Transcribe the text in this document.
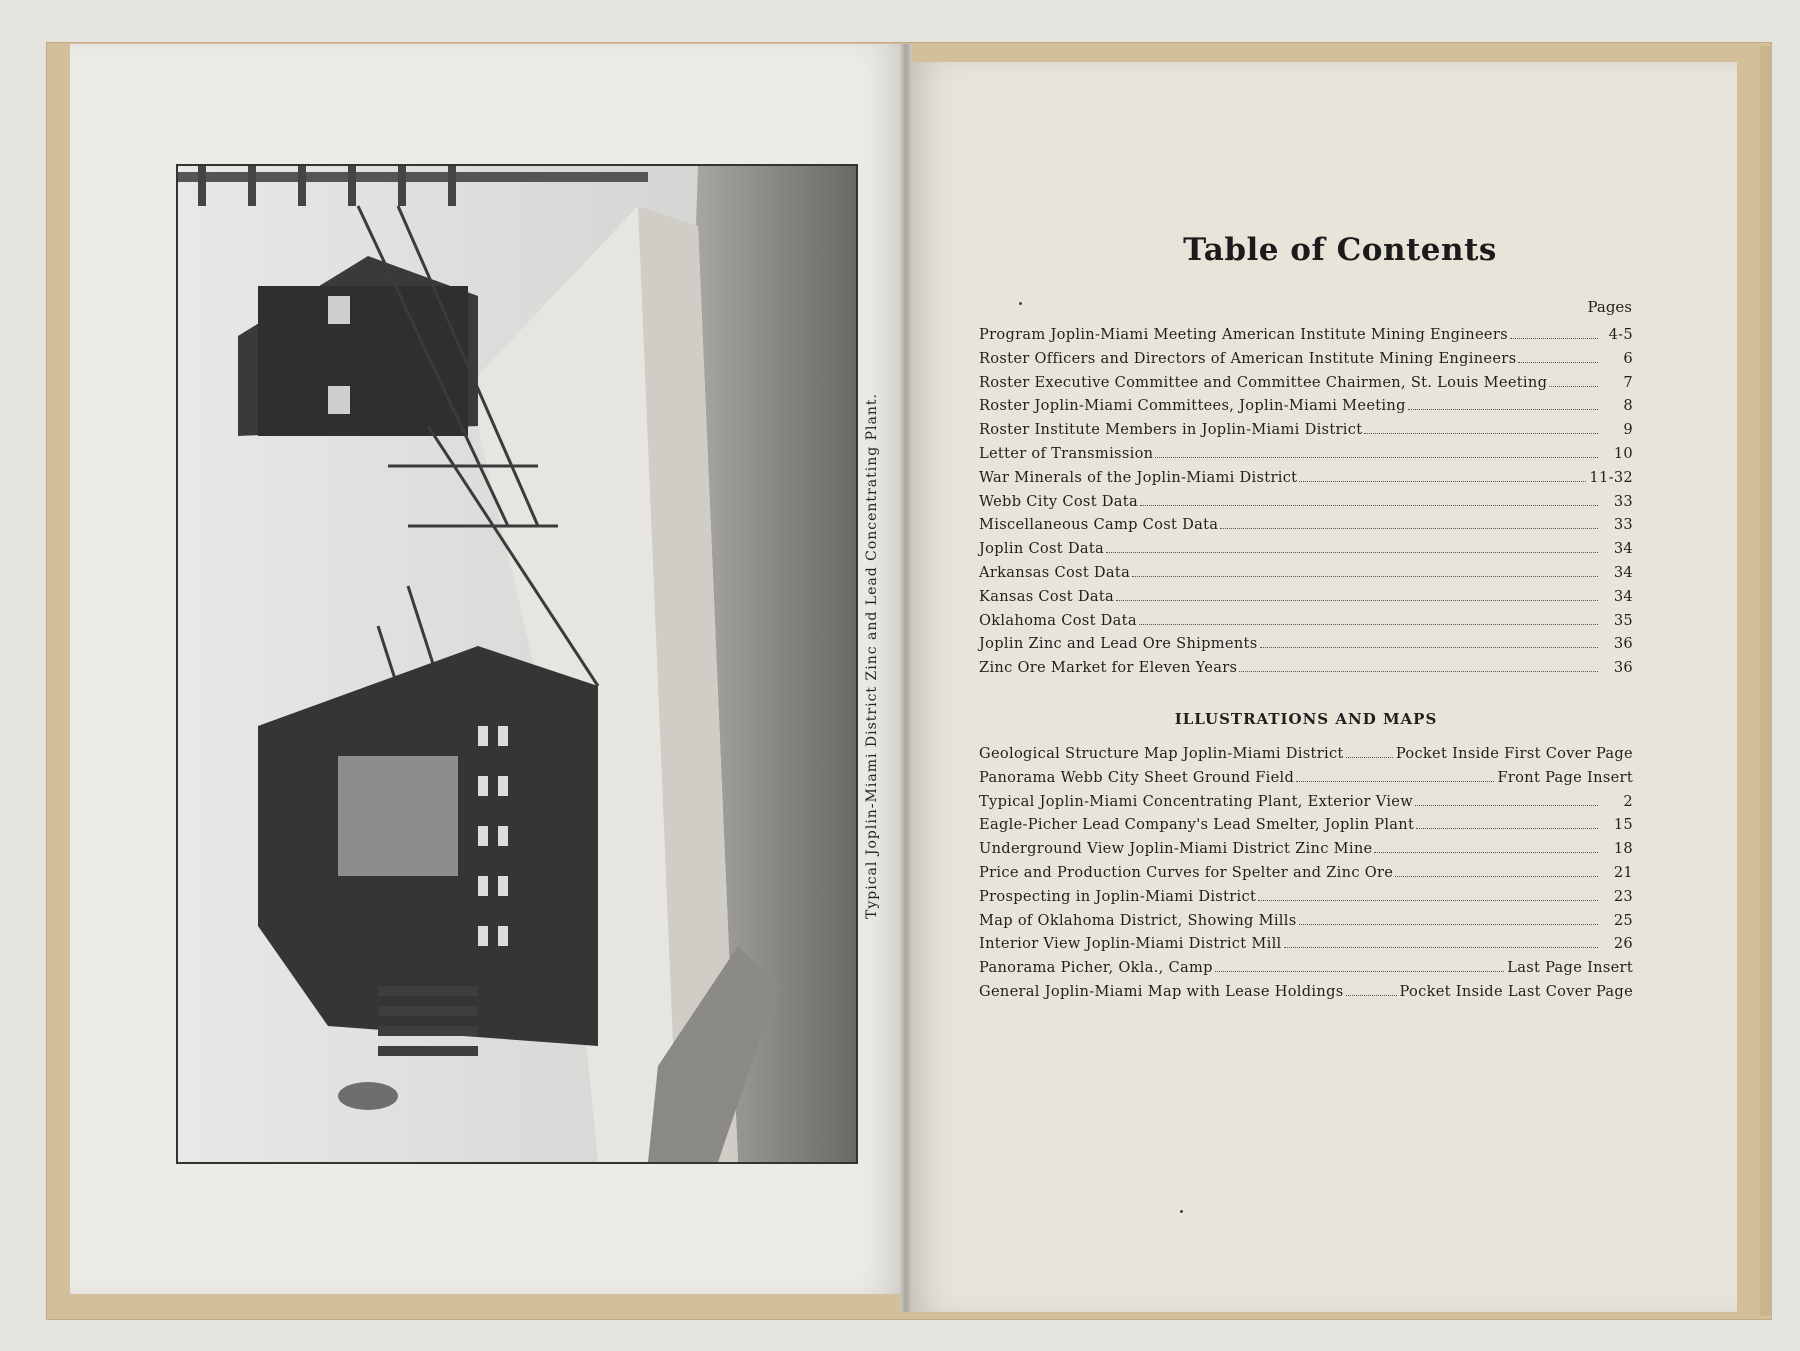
Typical Joplin-Miami District Zinc and Lead Concentrating Plant.
Table of Contents
Pages
Program Joplin-Miami Meeting American Institute Mining Engineers	4-5
Roster Officers and Directors of American Institute Mining Engineers	6
Roster Executive Committee and Committee Chairmen, St. Louis Meeting	7
Roster Joplin-Miami Committees, Joplin-Miami Meeting	8
Roster Institute Members in Joplin-Miami District	9
Letter of Transmission	10
War Minerals of the Joplin-Miami District	11-32
Webb City Cost Data	33
Miscellaneous Camp Cost Data	33
Joplin Cost Data	34
Arkansas Cost Data	34
Kansas Cost Data	34
Oklahoma Cost Data	35
Joplin Zinc and Lead Ore Shipments	36
Zinc Ore Market for Eleven Years	36
ILLUSTRATIONS AND MAPS
Geological Structure Map Joplin-Miami District	Pocket Inside First Cover Page
Panorama Webb City Sheet Ground Field	Front Page Insert
Typical Joplin-Miami Concentrating Plant, Exterior View	2
Eagle-Picher Lead Company's Lead Smelter, Joplin Plant	15
Underground View Joplin-Miami District Zinc Mine	18
Price and Production Curves for Spelter and Zinc Ore	21
Prospecting in Joplin-Miami District	23
Map of Oklahoma District, Showing Mills	25
Interior View Joplin-Miami District Mill	26
Panorama Picher, Okla., Camp	Last Page Insert
General Joplin-Miami Map with Lease Holdings	Pocket Inside Last Cover Page
